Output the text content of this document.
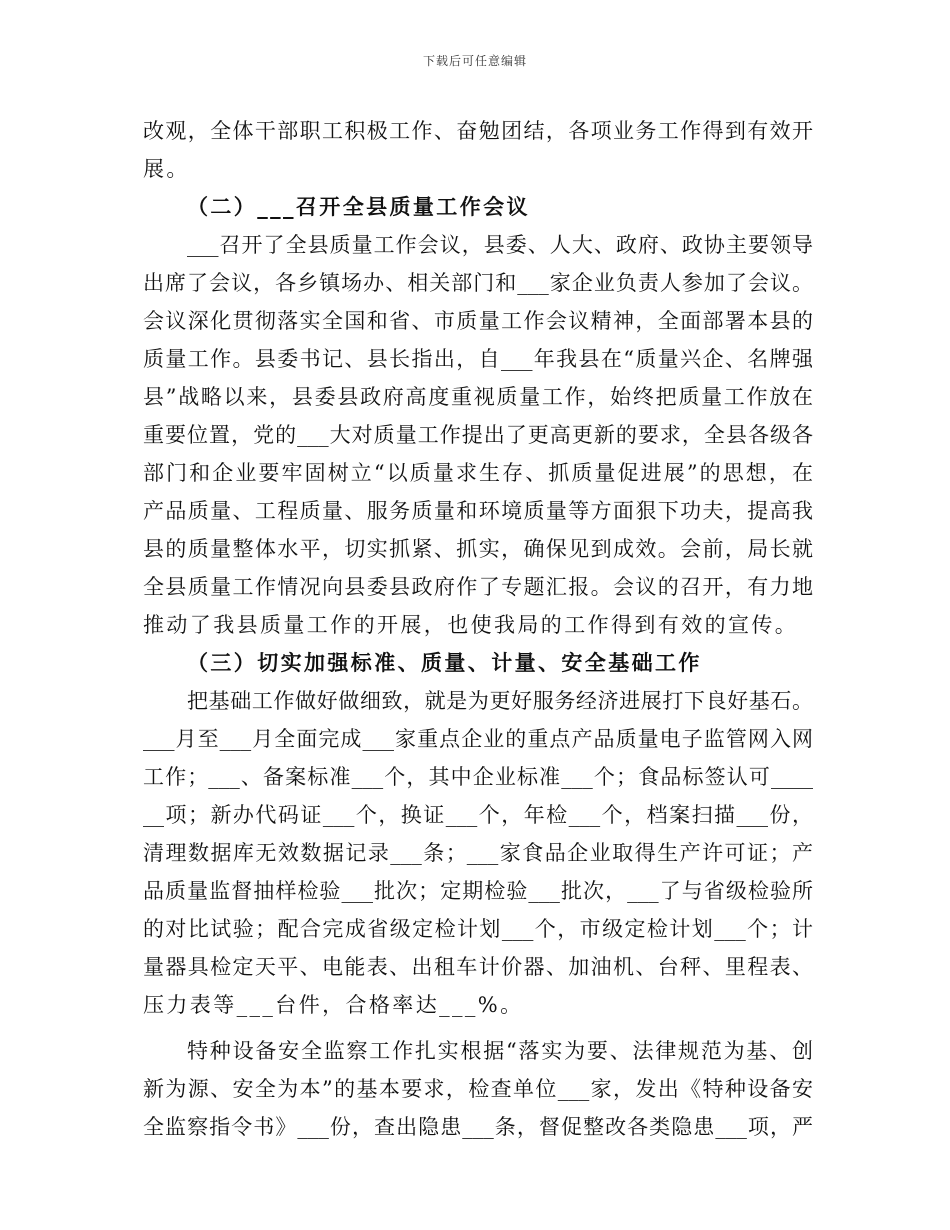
下载后可任意编辑
改观，全体干部职工积极工作、奋勉团结，各项业务工作得到有效开
展。
（二）___召开全县质量工作会议
___召开了全县质量工作会议，县委、人大、政府、政协主要领导
出席了会议，各乡镇场办、相关部门和___家企业负责人参加了会议。
会议深化贯彻落实全国和省、市质量工作会议精神，全面部署本县的
质量工作。县委书记、县长指出，自___年我县在“质量兴企、名牌强
县”战略以来，县委县政府高度重视质量工作，始终把质量工作放在
重要位置，党的___大对质量工作提出了更高更新的要求，全县各级各
部门和企业要牢固树立“以质量求生存、抓质量促进展”的思想，在
产品质量、工程质量、服务质量和环境质量等方面狠下功夫，提高我
县的质量整体水平，切实抓紧、抓实，确保见到成效。会前，局长就
全县质量工作情况向县委县政府作了专题汇报。会议的召开，有力地
推动了我县质量工作的开展，也使我局的工作得到有效的宣传。
（三）切实加强标准、质量、计量、安全基础工作
把基础工作做好做细致，就是为更好服务经济进展打下良好基石。
___月至___月全面完成___家重点企业的重点产品质量电子监管网入网
工作；___、备案标准___个，其中企业标准___个；食品标签认可____
__项；新办代码证___个，换证___个，年检___个，档案扫描___份，
清理数据库无效数据记录___条；___家食品企业取得生产许可证；产
品质量监督抽样检验___批次；定期检验___批次，___了与省级检验所
的对比试验；配合完成省级定检计划___个，市级定检计划___个；计
量器具检定天平、电能表、出租车计价器、加油机、台秤、里程表、
压力表等___台件，合格率达___%。
特种设备安全监察工作扎实根据“落实为要、法律规范为基、创
新为源、安全为本”的基本要求，检查单位___家，发出《特种设备安
全监察指令书》___份，查出隐患___条，督促整改各类隐患___项，严
